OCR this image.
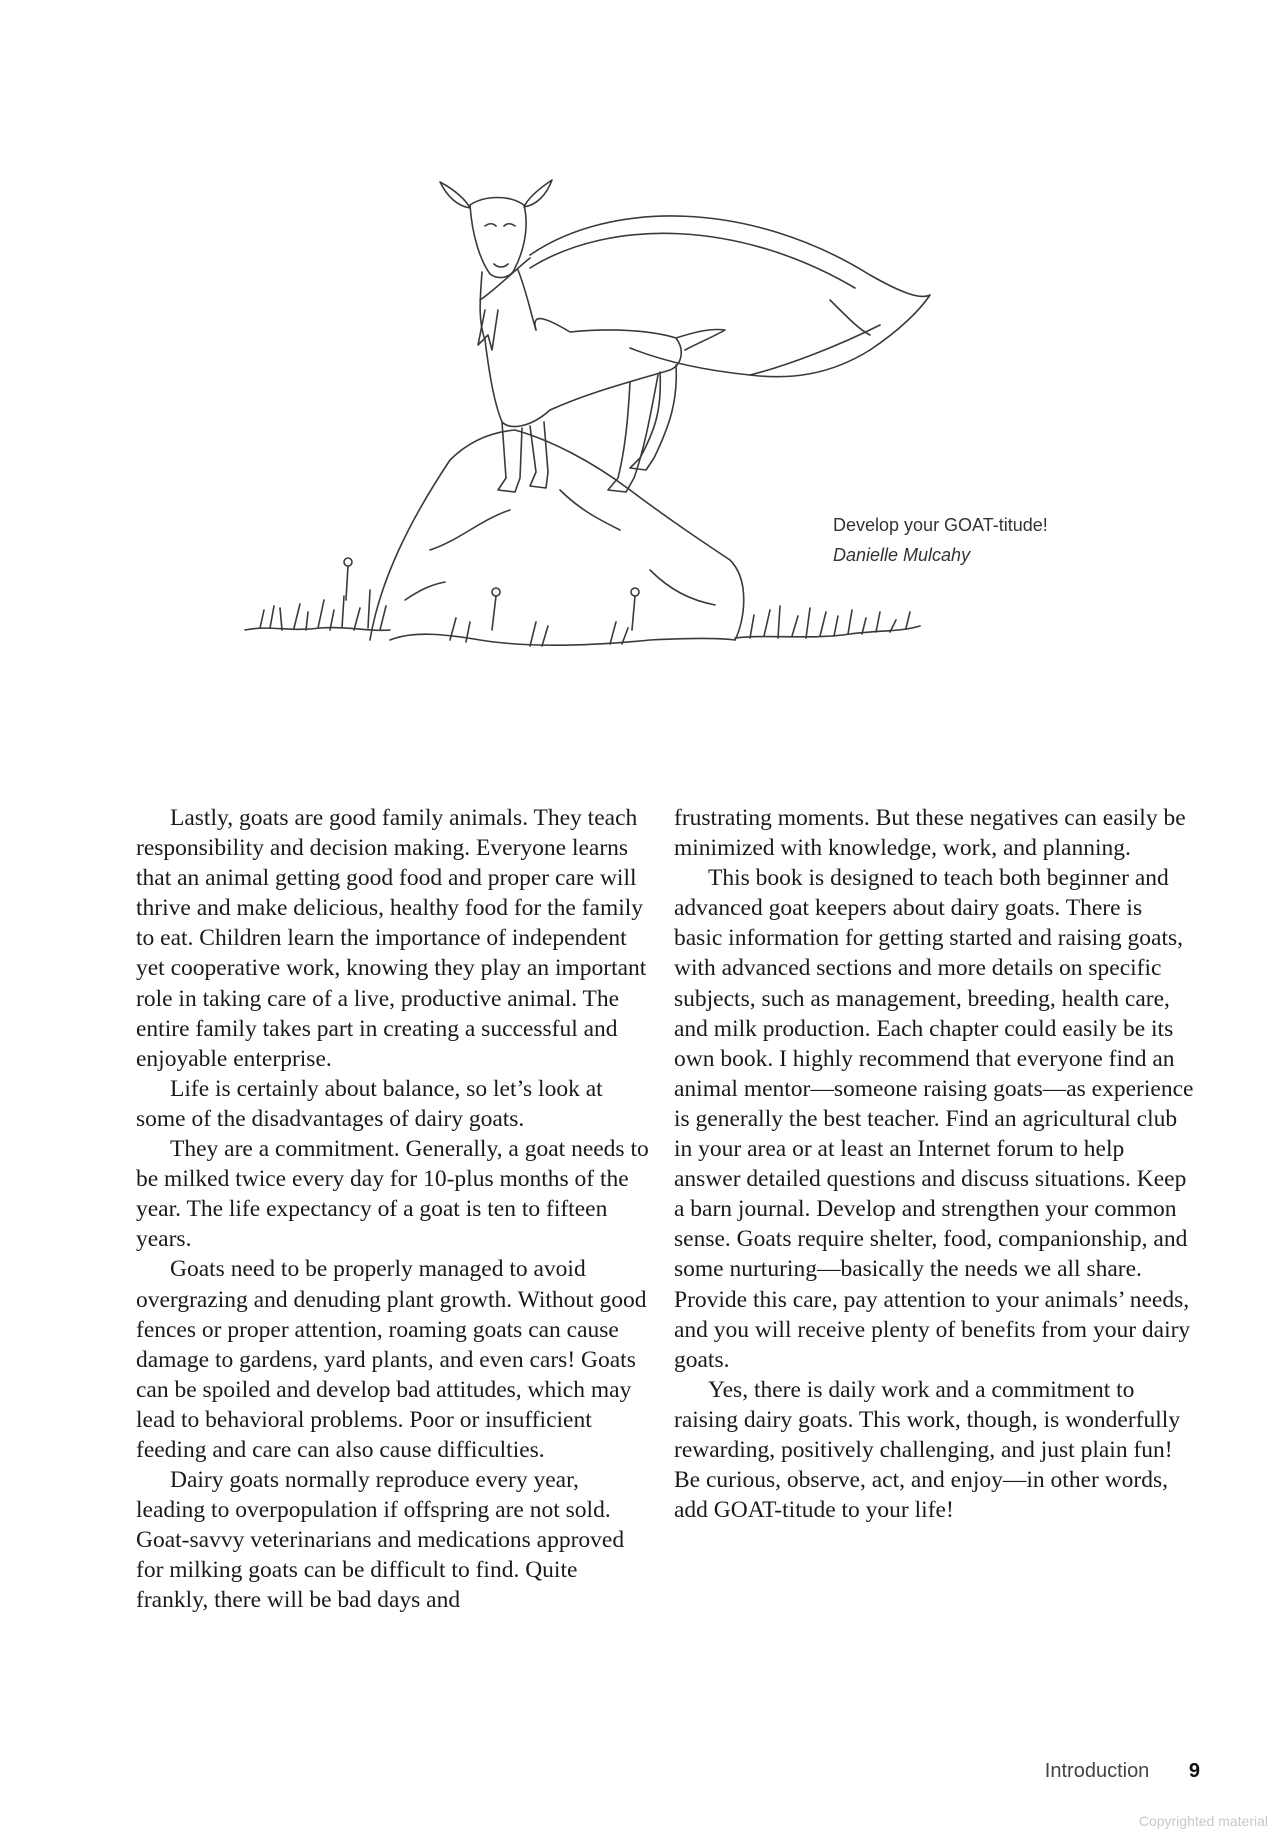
Develop your GOAT-titude!
Danielle Mulcahy

Lastly, goats are good family animals. They teach responsibility and decision making. Everyone learns that an animal getting good food and proper care will thrive and make delicious, healthy food for the family to eat. Children learn the importance of independent yet cooperative work, knowing they play an important role in taking care of a live, productive animal. The entire family takes part in creating a successful and enjoyable enterprise.

Life is certainly about balance, so let’s look at some of the disadvantages of dairy goats.

They are a commitment. Generally, a goat needs to be milked twice every day for 10-plus months of the year. The life expectancy of a goat is ten to fifteen years.

Goats need to be properly managed to avoid overgrazing and denuding plant growth. Without good fences or proper attention, roaming goats can cause damage to gardens, yard plants, and even cars! Goats can be spoiled and develop bad attitudes, which may lead to behavioral problems. Poor or insufficient feeding and care can also cause difficulties.

Dairy goats normally reproduce every year, leading to overpopulation if offspring are not sold. Goat-savvy veterinarians and medications approved for milking goats can be difficult to find. Quite frankly, there will be bad days and

frustrating moments. But these negatives can easily be minimized with knowledge, work, and planning.

This book is designed to teach both beginner and advanced goat keepers about dairy goats. There is basic information for getting started and raising goats, with advanced sections and more details on specific subjects, such as management, breeding, health care, and milk production. Each chapter could easily be its own book. I highly recommend that everyone find an animal mentor—someone raising goats—as experience is generally the best teacher. Find an agricultural club in your area or at least an Internet forum to help answer detailed questions and discuss situations. Keep a barn journal. Develop and strengthen your common sense. Goats require shelter, food, companionship, and some nurturing—basically the needs we all share. Provide this care, pay attention to your animals’ needs, and you will receive plenty of benefits from your dairy goats.

Yes, there is daily work and a commitment to raising dairy goats. This work, though, is wonderfully rewarding, positively challenging, and just plain fun! Be curious, observe, act, and enjoy—in other words, add GOAT-titude to your life!

Introduction 9
Copyrighted material
